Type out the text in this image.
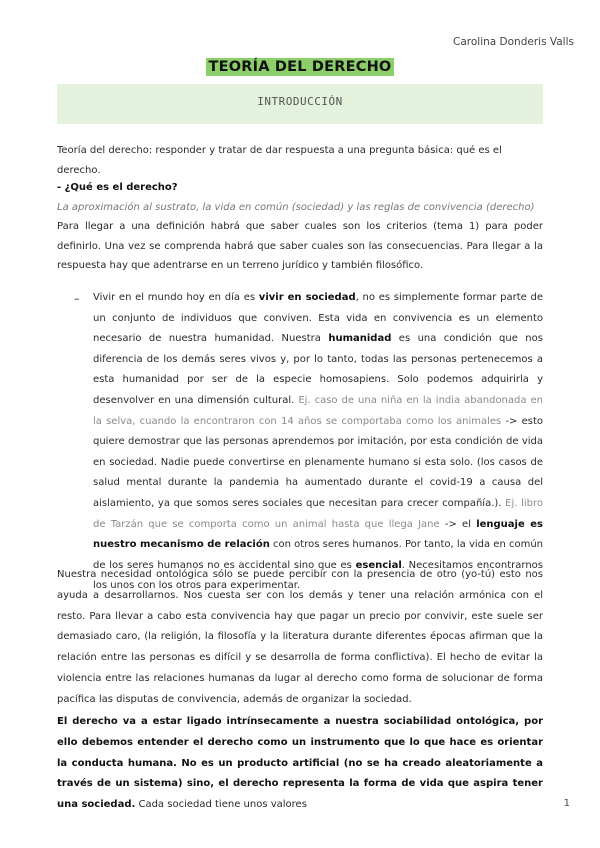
Carolina Donderis Valls
TEORÍA DEL DERECHO
INTRODUCCIÓN
Teoría del derecho: responder y tratar de dar respuesta a una pregunta básica: qué es el derecho.
- ¿Qué es el derecho?
La aproximación al sustrato, la vida en común (sociedad) y las reglas de convivencia (derecho)
Para llegar a una definición habrá que saber cuales son los criterios (tema 1) para poder definirlo. Una vez se comprenda habrá que saber cuales son las consecuencias. Para llegar a la respuesta hay que adentrarse en un terreno jurídico y también filosófico.
– Vivir en el mundo hoy en día es vivir en sociedad, no es simplemente formar parte de un conjunto de individuos que conviven. Esta vida en convivencia es un elemento necesario de nuestra humanidad. Nuestra humanidad es una condición que nos diferencia de los demás seres vivos y, por lo tanto, todas las personas pertenecemos a esta humanidad por ser de la especie homosapiens. Solo podemos adquirirla y desenvolver en una dimensión cultural. Ej. caso de una niña en la india abandonada en la selva, cuando la encontraron con 14 años se comportaba como los animales -> esto quiere demostrar que las personas aprendemos por imitación, por esta condición de vida en sociedad. Nadie puede convertirse en plenamente humano si esta solo. (los casos de salud mental durante la pandemia ha aumentado durante el covid-19 a causa del aislamiento, ya que somos seres sociales que necesitan para crecer compañía.). Ej. libro de Tarzán que se comporta como un animal hasta que llega Jane -> el lenguaje es nuestro mecanismo de relación con otros seres humanos. Por tanto, la vida en común de los seres humanos no es accidental sino que es esencial. Necesitamos encontrarnos los unos con los otros para experimentar.
Nuestra necesidad ontológica sólo se puede percibir con la presencia de otro (yo-tú) esto nos ayuda a desarrollarnos. Nos cuesta ser con los demás y tener una relación armónica con el resto. Para llevar a cabo esta convivencia hay que pagar un precio por convivir, este suele ser demasiado caro, (la religión, la filosofía y la literatura durante diferentes épocas afirman que la relación entre las personas es difícil y se desarrolla de forma conflictiva). El hecho de evitar la violencia entre las relaciones humanas da lugar al derecho como forma de solucionar de forma pacífica las disputas de convivencia, además de organizar la sociedad.
El derecho va a estar ligado intrínsecamente a nuestra sociabilidad ontológica, por ello debemos entender el derecho como un instrumento que lo que hace es orientar la conducta humana. No es un producto artificial (no se ha creado aleatoriamente a través de un sistema) sino, el derecho representa la forma de vida que aspira tener una sociedad. Cada sociedad tiene unos valores	1
